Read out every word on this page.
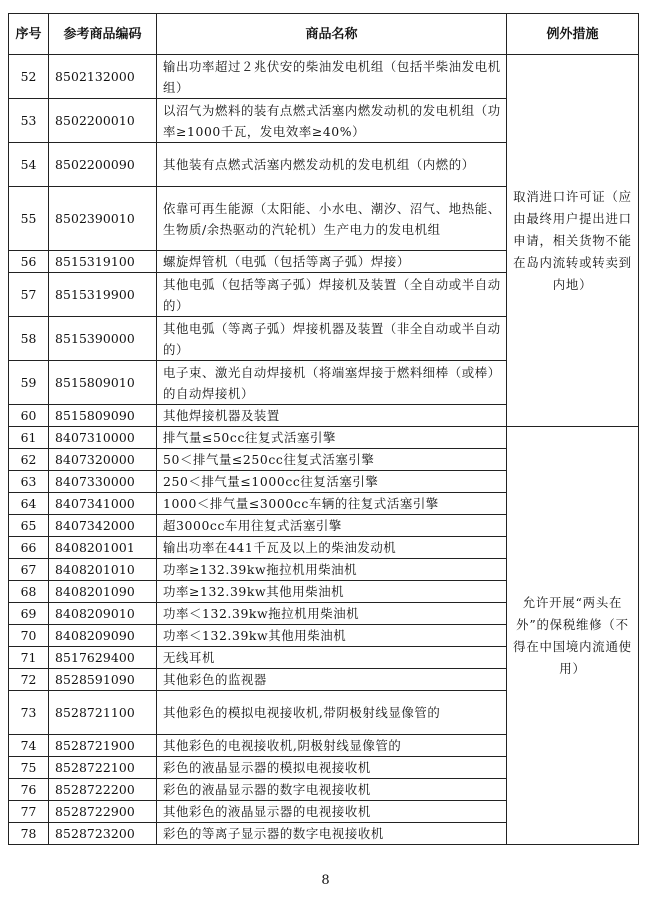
序号	参考商品编码	商品名称	例外措施
52	8502132000	输出功率超过２兆伏安的柴油发电机组（包括半柴油发电机组）	取消进口许可证（应由最终用户提出进口申请，相关货物不能在岛内流转或转卖到内地）
53	8502200010	以沼气为燃料的装有点燃式活塞内燃发动机的发电机组（功率≥1000千瓦，发电效率≥40%）	
54	8502200090	其他装有点燃式活塞内燃发动机的发电机组（内燃的）	
55	8502390010	依靠可再生能源（太阳能、小水电、潮汐、沼气、地热能、生物质/余热驱动的汽轮机）生产电力的发电机组	
56	8515319100	螺旋焊管机（电弧（包括等离子弧）焊接）	
57	8515319900	其他电弧（包括等离子弧）焊接机及装置（全自动或半自动的）	
58	8515390000	其他电弧（等离子弧）焊接机器及装置（非全自动或半自动的）	
59	8515809010	电子束、激光自动焊接机（将端塞焊接于燃料细棒（或棒）的自动焊接机）	
60	8515809090	其他焊接机器及装置	
61	8407310000	排气量≤50cc往复式活塞引擎	允许开展“两头在外”的保税维修（不得在中国境内流通使用）
62	8407320000	50＜排气量≤250cc往复式活塞引擎	
63	8407330000	250＜排气量≤1000cc往复活塞引擎	
64	8407341000	1000＜排气量≤3000cc车辆的往复式活塞引擎	
65	8407342000	超3000cc车用往复式活塞引擎	
66	8408201001	输出功率在441千瓦及以上的柴油发动机	
67	8408201010	功率≥132.39kw拖拉机用柴油机	
68	8408201090	功率≥132.39kw其他用柴油机	
69	8408209010	功率＜132.39kw拖拉机用柴油机	
70	8408209090	功率＜132.39kw其他用柴油机	
71	8517629400	无线耳机	
72	8528591090	其他彩色的监视器	
73	8528721100	其他彩色的模拟电视接收机,带阴极射线显像管的	
74	8528721900	其他彩色的电视接收机,阴极射线显像管的	
75	8528722100	彩色的液晶显示器的模拟电视接收机	
76	8528722200	彩色的液晶显示器的数字电视接收机	
77	8528722900	其他彩色的液晶显示器的电视接收机	
78	8528723200	彩色的等离子显示器的数字电视接收机	
8
